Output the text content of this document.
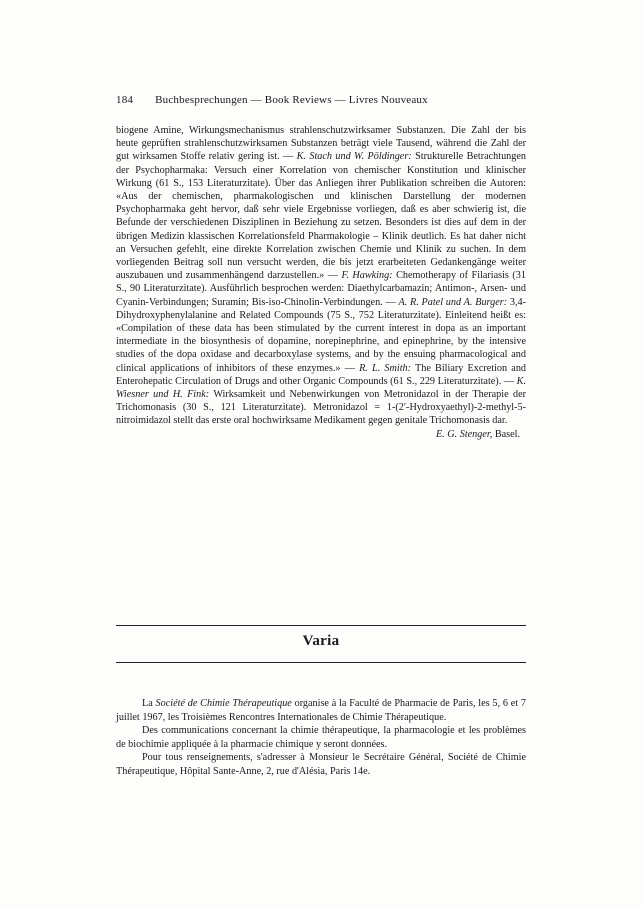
184 Buchbesprechungen — Book Reviews — Livres Nouveaux

biogene Amine, Wirkungsmechanismus strahlenschutzwirksamer Substanzen. Die Zahl der bis heute geprüften strahlenschutzwirksamen Substanzen beträgt viele Tausend, während die Zahl der gut wirksamen Stoffe relativ gering ist. — K. Stach und W. Pöldinger: Strukturelle Betrachtungen der Psychopharmaka: Versuch einer Korrelation von chemischer Konstitution und klinischer Wirkung (61 S., 153 Literaturzitate). Über das Anliegen ihrer Publikation schreiben die Autoren: «Aus der chemischen, pharmakologischen und klinischen Darstellung der modernen Psychopharmaka geht hervor, daß sehr viele Ergebnisse vorliegen, daß es aber schwierig ist, die Befunde der verschiedenen Disziplinen in Beziehung zu setzen. Besonders ist dies auf dem in der übrigen Medizin klassischen Korrelationsfeld Pharmakologie – Klinik deutlich. Es hat daher nicht an Versuchen gefehlt, eine direkte Korrelation zwischen Chemie und Klinik zu suchen. In dem vorliegenden Beitrag soll nun versucht werden, die bis jetzt erarbeiteten Gedankengänge weiter auszubauen und zusammenhängend darzustellen.» — F. Hawking: Chemotherapy of Filariasis (31 S., 90 Literaturzitate). Ausführlich besprochen werden: Diaethylcarbamazin; Antimon-, Arsen- und Cyanin-Verbindungen; Suramin; Bis-iso-Chinolin-Verbindungen. — A. R. Patel und A. Burger: 3,4-Dihydroxyphenylalanine and Related Compounds (75 S., 752 Literaturzitate). Einleitend heißt es: «Compilation of these data has been stimulated by the current interest in dopa as an important intermediate in the biosynthesis of dopamine, norepinephrine, and epinephrine, by the intensive studies of the dopa oxidase and decarboxylase systems, and by the ensuing pharmacological and clinical applications of inhibitors of these enzymes.» — R. L. Smith: The Biliary Excretion and Enterohepatic Circulation of Drugs and other Organic Compounds (61 S., 229 Literaturzitate). — K. Wiesner und H. Fink: Wirksamkeit und Nebenwirkungen von Metronidazol in der Therapie der Trichomonasis (30 S., 121 Literaturzitate). Metronidazol = 1-(2′-Hydroxyaethyl)-2-methyl-5-nitroimidazol stellt das erste oral hochwirksame Medikament gegen genitale Trichomonasis dar.

E. G. Stenger, Basel.

Varia

La Société de Chimie Thérapeutique organise à la Faculté de Pharmacie de Paris, les 5, 6 et 7 juillet 1967, les Troisièmes Rencontres Internationales de Chimie Thérapeutique.

Des communications concernant la chimie thérapeutique, la pharmacologie et les problèmes de biochimie appliquée à la pharmacie chimique y seront données.

Pour tous renseignements, s'adresser à Monsieur le Secrétaire Général, Société de Chimie Thérapeutique, Hôpital Sante-Anne, 2, rue d'Alésia, Paris 14e.
